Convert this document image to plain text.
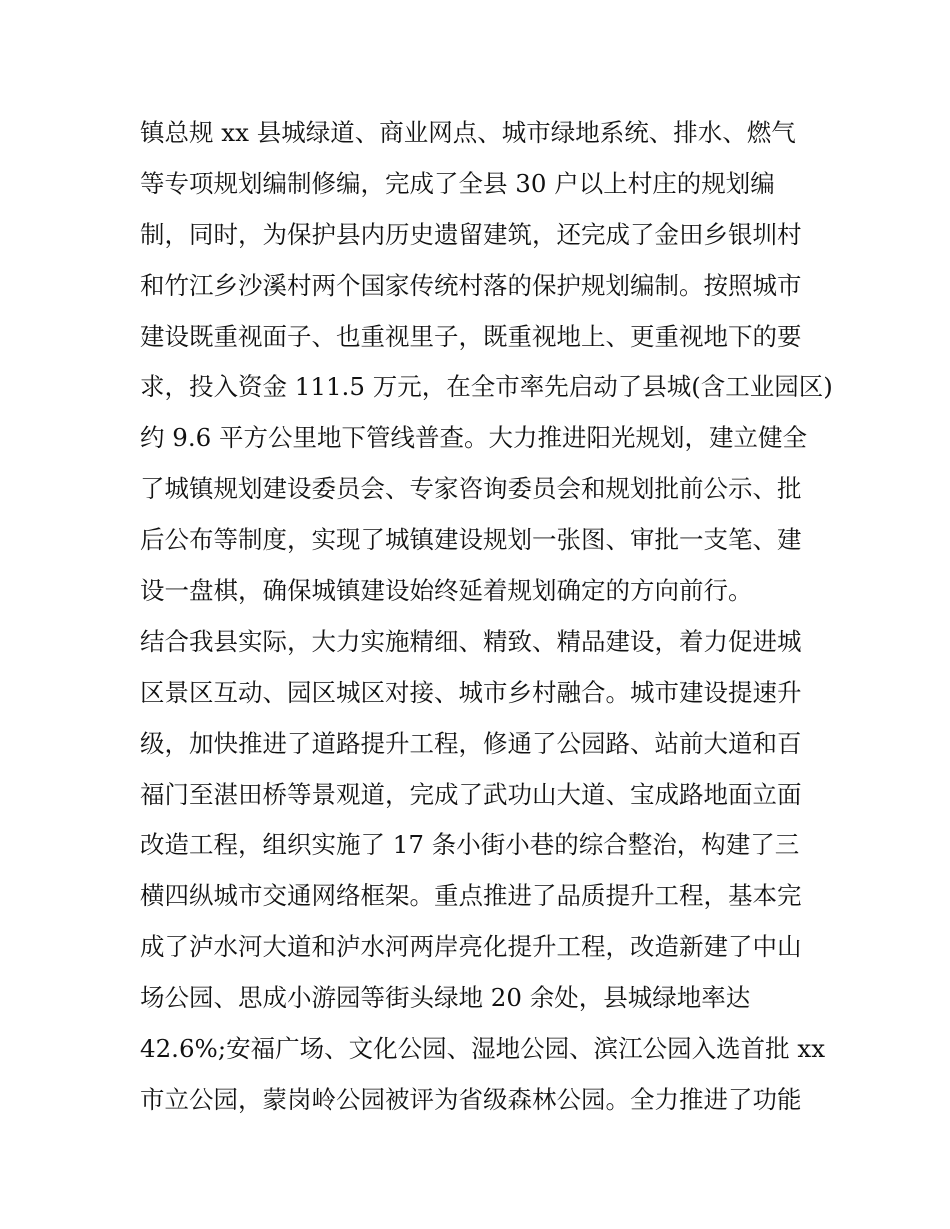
镇总规 xx 县城绿道、商业网点、城市绿地系统、排水、燃气
等专项规划编制修编，完成了全县 30 户以上村庄的规划编
制，同时，为保护县内历史遗留建筑，还完成了金田乡银圳村
和竹江乡沙溪村两个国家传统村落的保护规划编制。按照城市
建设既重视面子、也重视里子，既重视地上、更重视地下的要
求，投入资金 111.5 万元，在全市率先启动了县城(含工业园区)
约 9.6 平方公里地下管线普查。大力推进阳光规划，建立健全
了城镇规划建设委员会、专家咨询委员会和规划批前公示、批
后公布等制度，实现了城镇建设规划一张图、审批一支笔、建
设一盘棋，确保城镇建设始终延着规划确定的方向前行。
结合我县实际，大力实施精细、精致、精品建设，着力促进城
区景区互动、园区城区对接、城市乡村融合。城市建设提速升
级，加快推进了道路提升工程，修通了公园路、站前大道和百
福门至湛田桥等景观道，完成了武功山大道、宝成路地面立面
改造工程，组织实施了 17 条小街小巷的综合整治，构建了三
横四纵城市交通网络框架。重点推进了品质提升工程，基本完
成了泸水河大道和泸水河两岸亮化提升工程，改造新建了中山
场公园、思成小游园等街头绿地 20 余处，县城绿地率达
42.6%;安福广场、文化公园、湿地公园、滨江公园入选首批 xx
市立公园，蒙岗岭公园被评为省级森林公园。全力推进了功能
